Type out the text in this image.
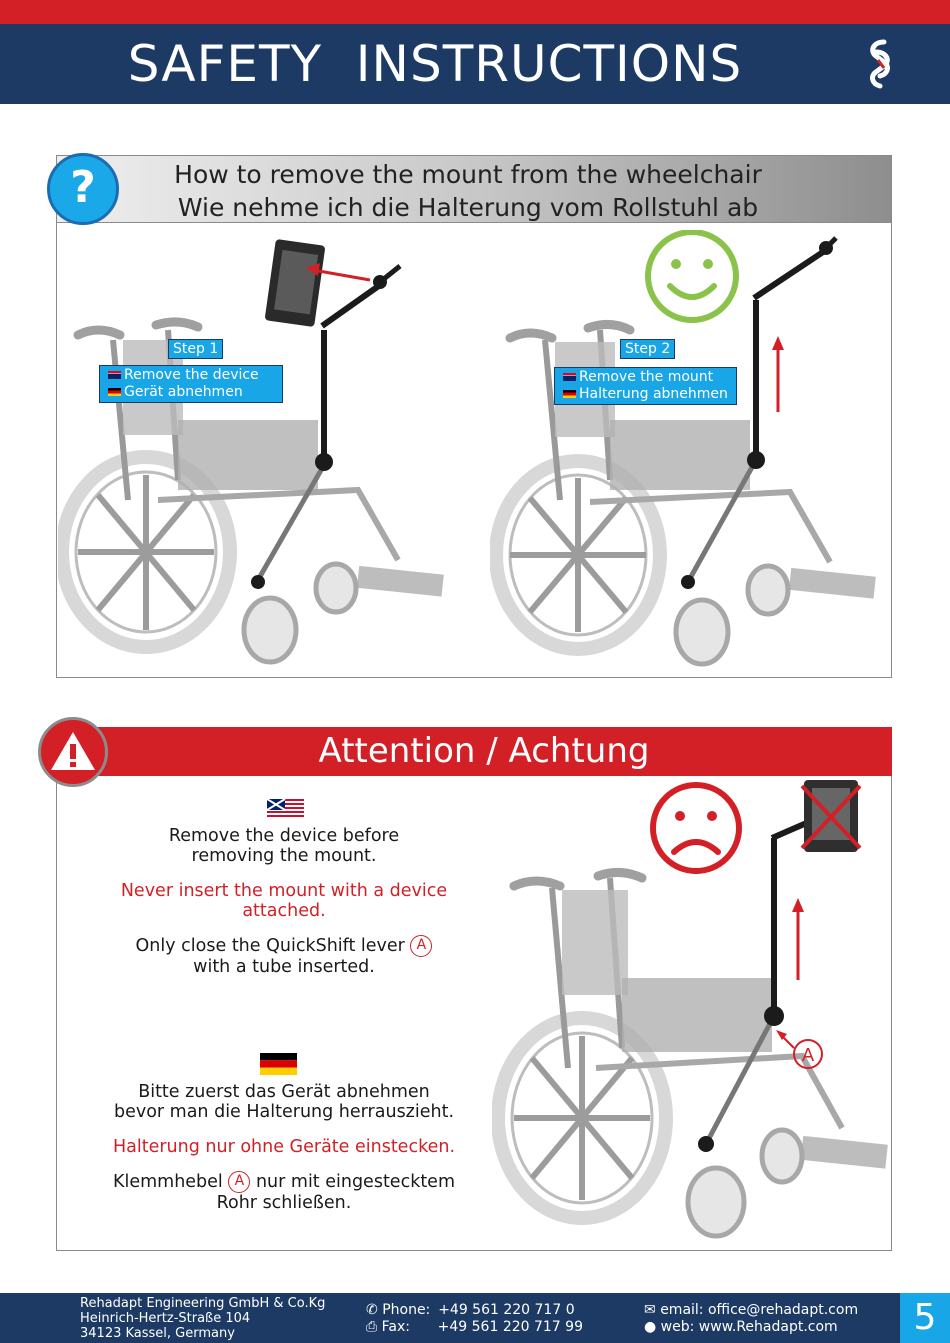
SAFETY  INSTRUCTIONS
How to remove the mount from the wheelchair
Wie nehme ich die Halterung vom Rollstuhl ab
?
Step 1
Remove the device
Gerät abnehmen
Step 2
Remove the mount
Halterung abnehmen
Attention / Achtung
Remove the device before
removing the mount.
Never insert the mount with a device
attached.
Only close the QuickShift lever A
with a tube inserted.
Bitte zuerst das Gerät abnehmen
bevor man die Halterung herrauszieht.
Halterung nur ohne Geräte einstecken.
Klemmhebel A nur mit eingestecktem
Rohr schließen.
A
Rehadapt Engineering GmbH & Co.Kg
Heinrich-Hertz-Straße 104
34123 Kassel, Germany
✆ Phone: +49 561 220 717 0
⎙ Fax: +49 561 220 717 99
✉ email: office@rehadapt.com
● web: www.Rehadapt.com	5
